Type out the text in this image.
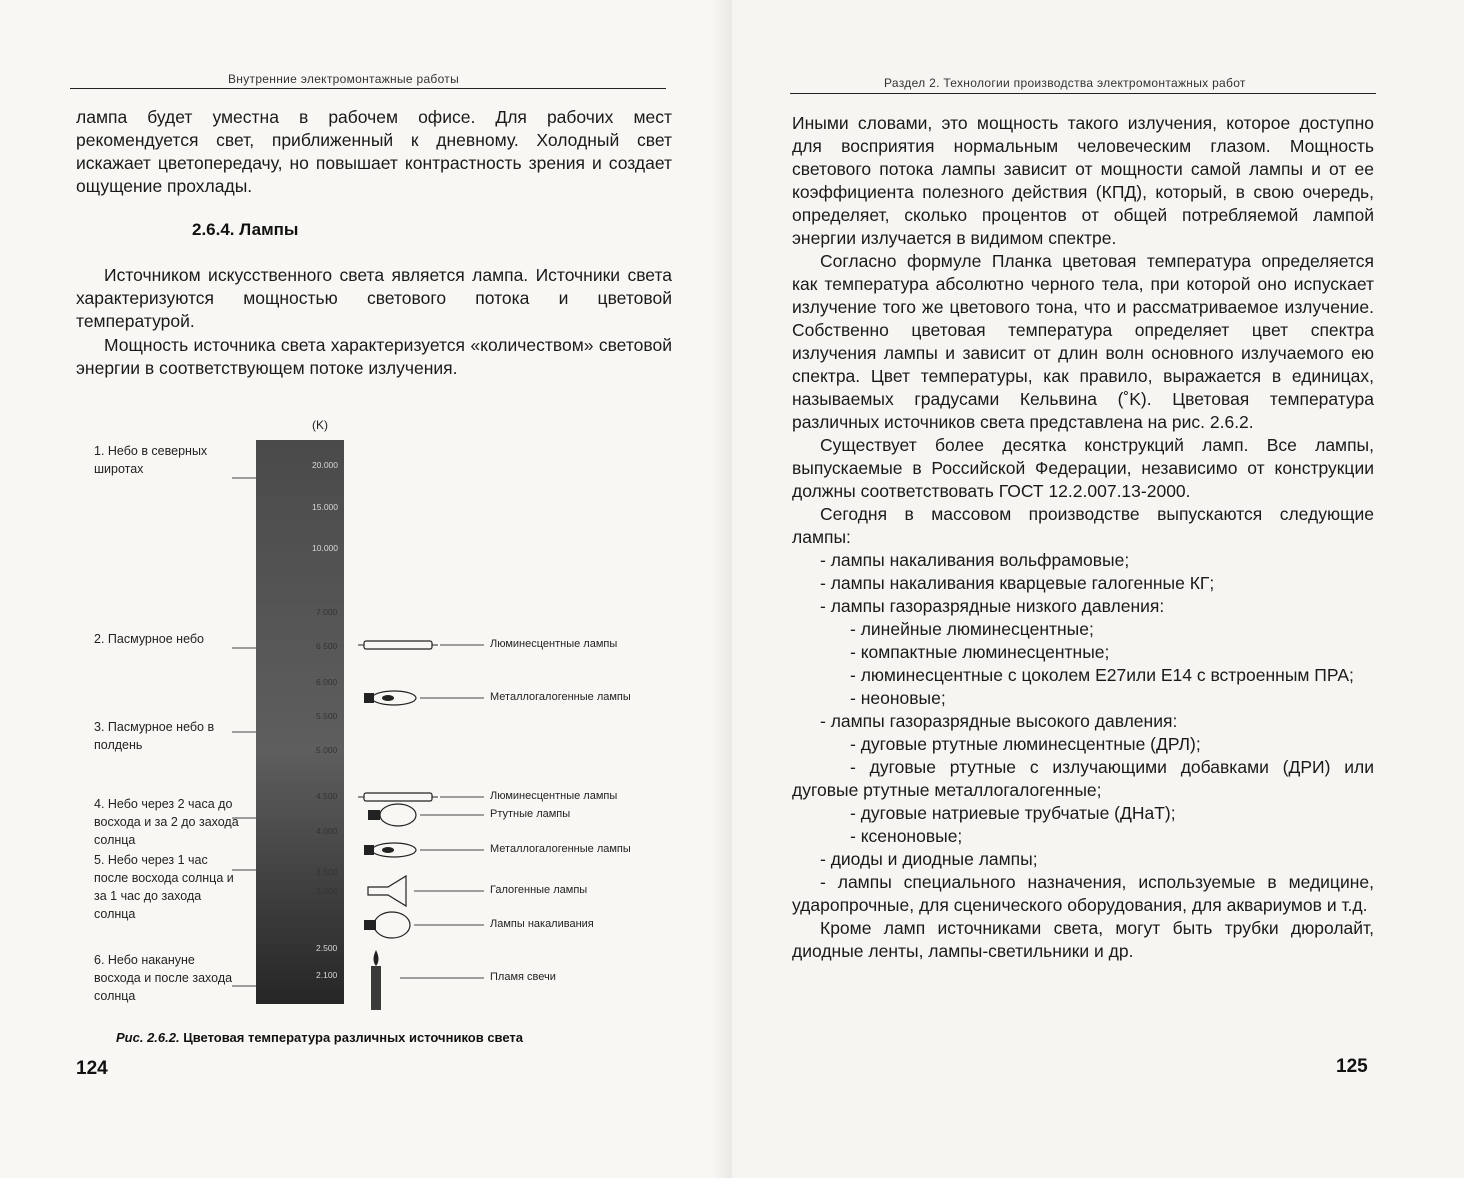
Внутренние электромонтажные работы

лампа будет уместна в рабочем офисе. Для рабочих мест рекомендуется свет, приближенный к дневному. Холодный свет искажает цветопередачу, но повышает контрастность зрения и создает ощущение прохлады.

2.6.4. Лампы

Источником искусственного света является лампа. Источники света характеризуются мощностью светового потока и цветовой температурой.

Мощность источника света характеризуется «количеством» световой энергии в соответствующем потоке излучения.

(K)
20.000
15.000
10.000
7.000
6 500
6.000
5.500
5.000
4.500
4.000
3.500
3.000
2.500
2.100
1. Небо в северных широтах
2. Пасмурное небо
3. Пасмурное небо в полдень
4. Небо через 2 часа до восхода и за 2 до захода солнца
5. Небо через 1 час после восхода солнца и за 1 час до захода солнца
6. Небо накануне восхода и после захода солнца
Люминесцентные лампы
Металлогалогенные лампы
Люминесцентные лампы
Ртутные лампы
Металлогалогенные лампы
Галогенные лампы
Лампы накаливания
Пламя свечи
Рис. 2.6.2. Цветовая температура различных источников света
124
Раздел 2. Технологии производства электромонтажных работ

Иными словами, это мощность такого излучения, которое доступно для восприятия нормальным человеческим глазом. Мощность светового потока лампы зависит от мощности самой лампы и от ее коэффициента полезного действия (КПД), который, в свою очередь, определяет, сколько процентов от общей потребляемой лампой энергии излучается в видимом спектре.

Согласно формуле Планка цветовая температура определяется как температура абсолютно черного тела, при которой оно испускает излучение того же цветового тона, что и рассматриваемое излучение. Собственно цветовая температура определяет цвет спектра излучения лампы и зависит от длин волн основного излучаемого ею спектра. Цвет температуры, как правило, выражается в единицах, называемых градусами Кельвина (˚K). Цветовая температура различных источников света представлена на рис. 2.6.2.

Существует более десятка конструкций ламп. Все лампы, выпускаемые в Российской Федерации, независимо от конструкции должны соответствовать ГОСТ 12.2.007.13-2000.

Сегодня в массовом производстве выпускаются следующие лампы:

- лампы накаливания вольфрамовые;

- лампы накаливания кварцевые галогенные КГ;

- лампы газоразрядные низкого давления:

- линейные люминесцентные;

- компактные люминесцентные;

- люминесцентные с цоколем Е27или Е14 с встроенным ПРА;

- неоновые;

- лампы газоразрядные высокого давления:

- дуговые ртутные люминесцентные (ДРЛ);

- дуговые ртутные с излучающими добавками (ДРИ) или дуговые ртутные металлогалогенные;

- дуговые натриевые трубчатые (ДНаТ);

- ксеноновые;

- диоды и диодные лампы;

- лампы специального назначения, используемые в медицине, ударопрочные, для сценического оборудования, для аквариумов и т.д.

Кроме ламп источниками света, могут быть трубки дюролайт, диодные ленты, лампы-светильники и др.

125
